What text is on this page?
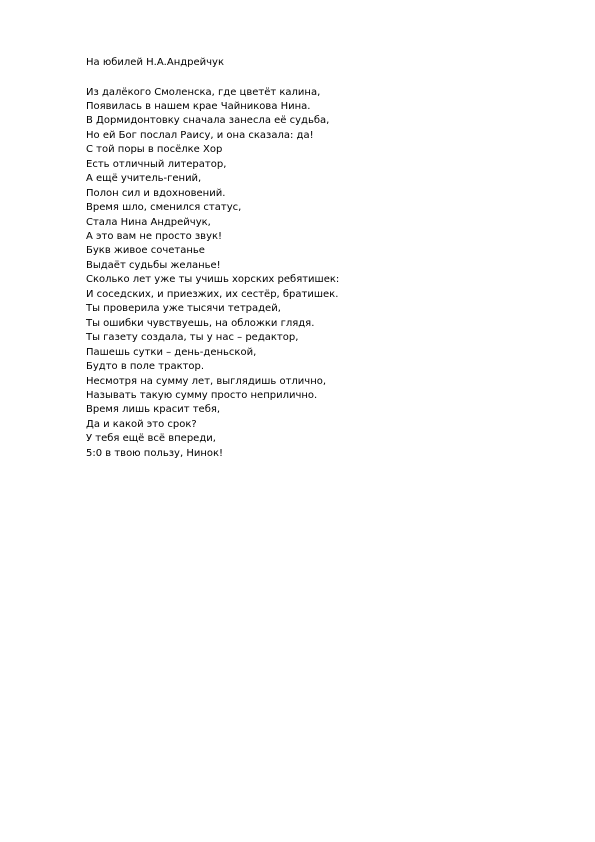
На юбилей Н.А.Андрейчук

Из далёкого Смоленска, где цветёт калина,
Появилась в нашем крае Чайникова Нина.
В Дормидонтовку сначала занесла её судьба,
Но ей Бог послал Раису, и она сказала: да!
С той поры в посёлке Хор
Есть отличный литератор,
А ещё учитель-гений,
Полон сил и вдохновений.
Время шло, сменился статус,
Стала Нина Андрейчук,
А это вам не просто звук!
Букв живое сочетанье
Выдаёт судьбы желанье!
Сколько лет уже ты учишь хорских ребятишек:
И соседских, и приезжих, их сестёр, братишек.
Ты проверила уже тысячи тетрадей,
Ты ошибки чувствуешь, на обложки глядя.
Ты газету создала, ты у нас – редактор,
Пашешь сутки – день-деньской,
Будто в поле трактор.
Несмотря на сумму лет, выглядишь отлично,
Называть такую сумму просто неприлично.
Время лишь красит тебя,
Да и какой это срок?
У тебя ещё всё впереди,
5:0 в твою пользу, Нинок!
